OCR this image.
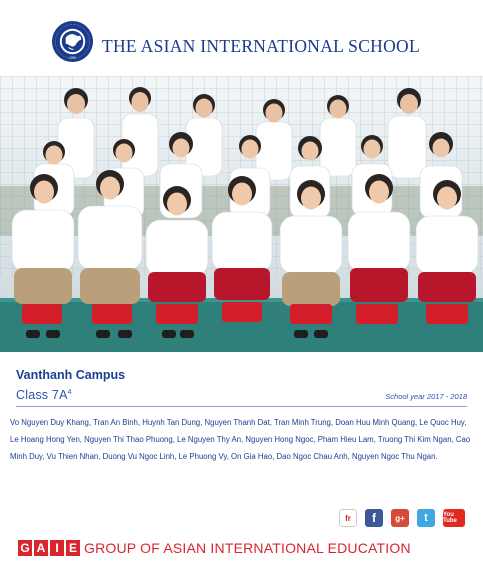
1996
THE ASIAN INTERNATIONAL SCHOOL
Vanthanh Campus
Class $7A^4$	School year 2017 - 2018
Vo Nguyen Duy Khang, Tran An Binh, Huynh Tan Dung, Nguyen Thanh Dat, Tran Minh Trung, Doan Huu Minh Quang, Le Quoc Huy, Le Hoang Hong Yen, Nguyen Thi Thao Phuong, Le Nguyen Thy An, Nguyen Hong Ngoc, Pham Hieu Lam, Truong Thi Kim Ngan, Cao Minh Duy, Vu Thien Nhan, Duong Vu Ngoc Linh, Le Phuong Vy, On Gia Hao, Dao Ngoc Chau Anh, Nguyen Ngoc Thu Ngan.
fr	f	g+	t	You Tube
G A I E GROUP OF ASIAN INTERNATIONAL EDUCATION
